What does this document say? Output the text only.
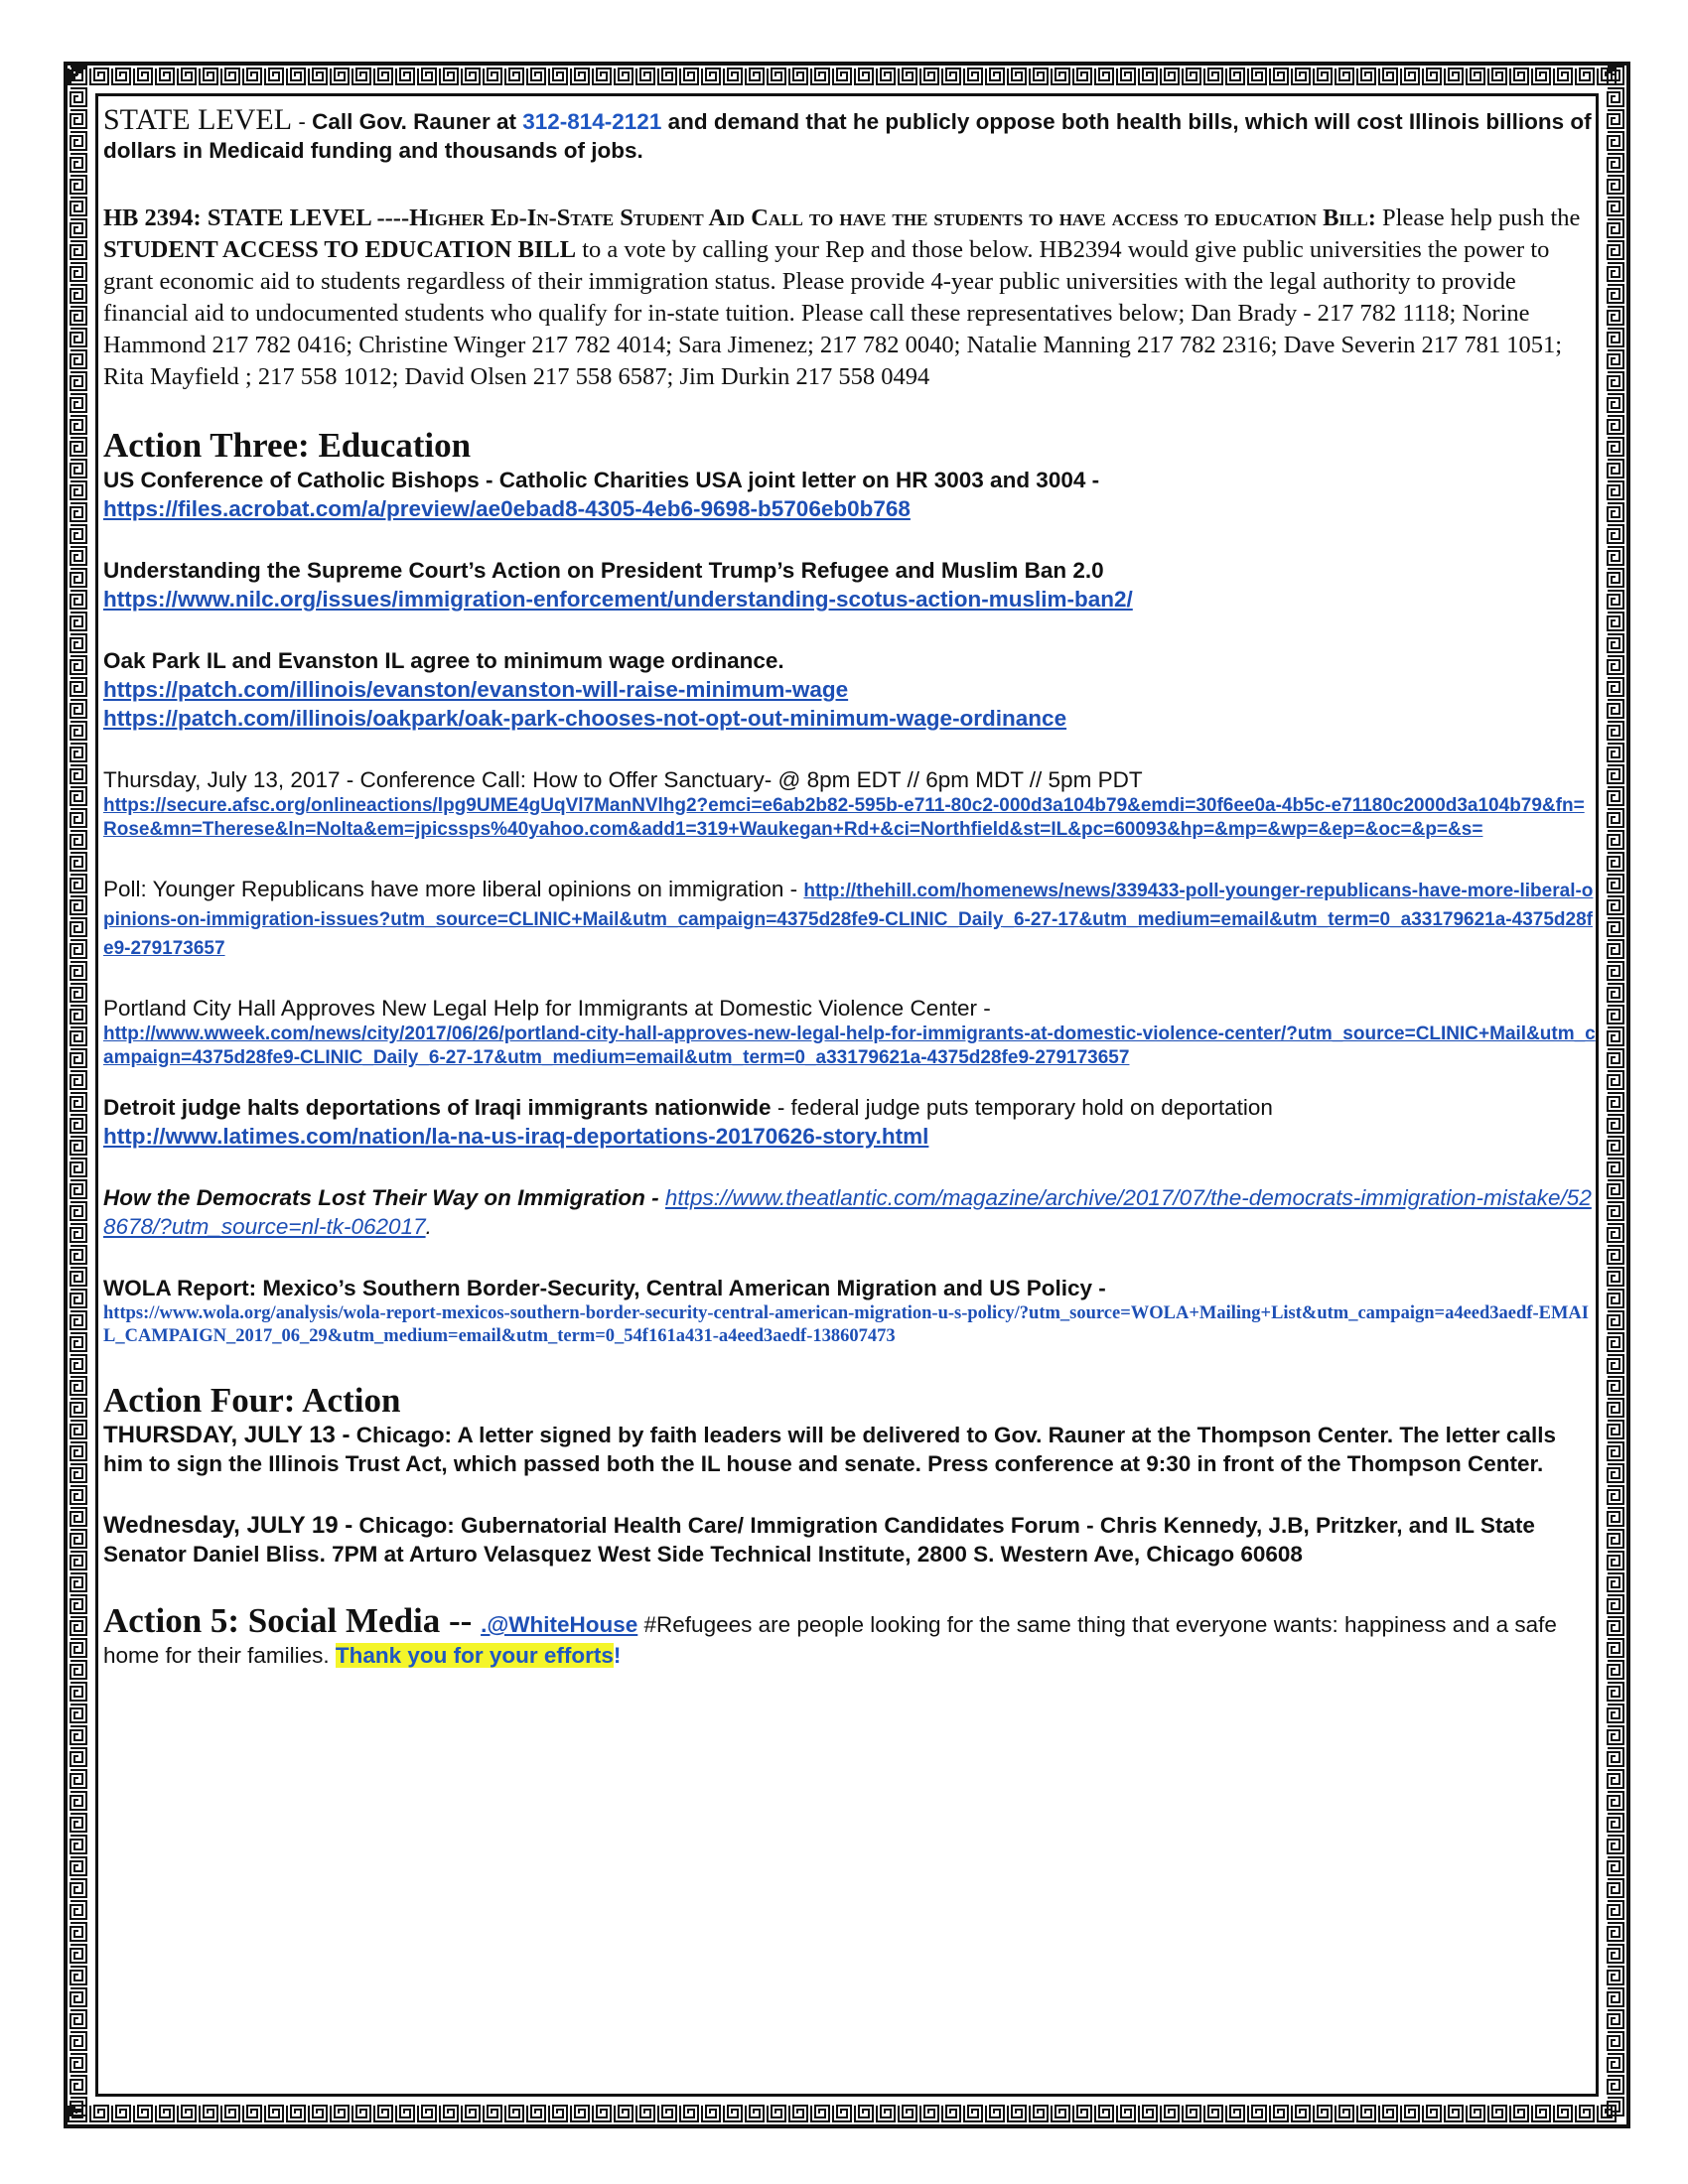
STATE LEVEL - Call Gov. Rauner at 312-814-2121 and demand that he publicly oppose both health bills, which will cost Illinois billions of dollars in Medicaid funding and thousands of jobs.

HB 2394: STATE LEVEL ----Higher Ed-In-State Student Aid Call to have the students to have access to education Bill: Please help push the STUDENT ACCESS TO EDUCATION BILL to a vote by calling your Rep and those below. HB2394 would give public universities the power to grant economic aid to students regardless of their immigration status. Please provide 4-year public universities with the legal authority to provide financial aid to undocumented students who qualify for in-state tuition. Please call these representatives below; Dan Brady - 217 782 1118; Norine Hammond 217 782 0416; Christine Winger 217 782 4014; Sara Jimenez; 217 782 0040; Natalie Manning 217 782 2316; Dave Severin 217 781 1051; Rita Mayfield ; 217 558 1012; David Olsen 217 558 6587; Jim Durkin 217 558 0494

Action Three: Education
US Conference of Catholic Bishops - Catholic Charities USA joint letter on HR 3003 and 3004 -
https://files.acrobat.com/a/preview/ae0ebad8-4305-4eb6-9698-b5706eb0b768
Understanding the Supreme Court’s Action on President Trump’s Refugee and Muslim Ban 2.0
https://www.nilc.org/issues/immigration-enforcement/understanding-scotus-action-muslim-ban2/
Oak Park IL and Evanston IL agree to minimum wage ordinance.
https://patch.com/illinois/evanston/evanston-will-raise-minimum-wage
https://patch.com/illinois/oakpark/oak-park-chooses-not-opt-out-minimum-wage-ordinance
Thursday, July 13, 2017 - Conference Call: How to Offer Sanctuary- @ 8pm EDT // 6pm MDT // 5pm PDT
https://secure.afsc.org/onlineactions/lpg9UME4gUqVl7ManNVlhg2?emci=e6ab2b82-595b-e711-80c2-000d3a104b79&emdi=30f6ee0a-4b5c-e71180c2000d3a104b79&fn=Rose&mn=Therese&ln=Nolta&em=jpicssps%40yahoo.com&add1=319+Waukegan+Rd+&ci=Northfield&st=IL&pc=60093&hp=&mp=&wp=&ep=&oc=&p=&s=
Poll: Younger Republicans have more liberal opinions on immigration - http://thehill.com/homenews/news/339433-poll-younger-republicans-have-more-liberal-opinions-on-immigration-issues?utm_source=CLINIC+Mail&utm_campaign=4375d28fe9-CLINIC_Daily_6-27-17&utm_medium=email&utm_term=0_a33179621a-4375d28fe9-279173657
Portland City Hall Approves New Legal Help for Immigrants at Domestic Violence Center -
http://www.wweek.com/news/city/2017/06/26/portland-city-hall-approves-new-legal-help-for-immigrants-at-domestic-violence-center/?utm_source=CLINIC+Mail&utm_campaign=4375d28fe9-CLINIC_Daily_6-27-17&utm_medium=email&utm_term=0_a33179621a-4375d28fe9-279173657
Detroit judge halts deportations of Iraqi immigrants nationwide - federal judge puts temporary hold on deportation
http://www.latimes.com/nation/la-na-us-iraq-deportations-20170626-story.html
How the Democrats Lost Their Way on Immigration - https://www.theatlantic.com/magazine/archive/2017/07/the-democrats-immigration-mistake/528678/?utm_source=nl-tk-062017.
WOLA Report: Mexico’s Southern Border-Security, Central American Migration and US Policy -
https://www.wola.org/analysis/wola-report-mexicos-southern-border-security-central-american-migration-u-s-policy/?utm_source=WOLA+Mailing+List&utm_campaign=a4eed3aedf-EMAIL_CAMPAIGN_2017_06_29&utm_medium=email&utm_term=0_54f161a431-a4eed3aedf-138607473
Action Four: Action

THURSDAY, JULY 13 - Chicago: A letter signed by faith leaders will be delivered to Gov. Rauner at the Thompson Center. The letter calls him to sign the Illinois Trust Act, which passed both the IL house and senate. Press conference at 9:30 in front of the Thompson Center.

Wednesday, JULY 19 - Chicago: Gubernatorial Health Care/ Immigration Candidates Forum - Chris Kennedy, J.B, Pritzker, and IL State Senator Daniel Bliss. 7PM at Arturo Velasquez West Side Technical Institute, 2800 S. Western Ave, Chicago 60608

Action 5: Social Media -- .@WhiteHouse #Refugees are people looking for the same thing that everyone wants: happiness and a safe home for their families. Thank you for your efforts!
